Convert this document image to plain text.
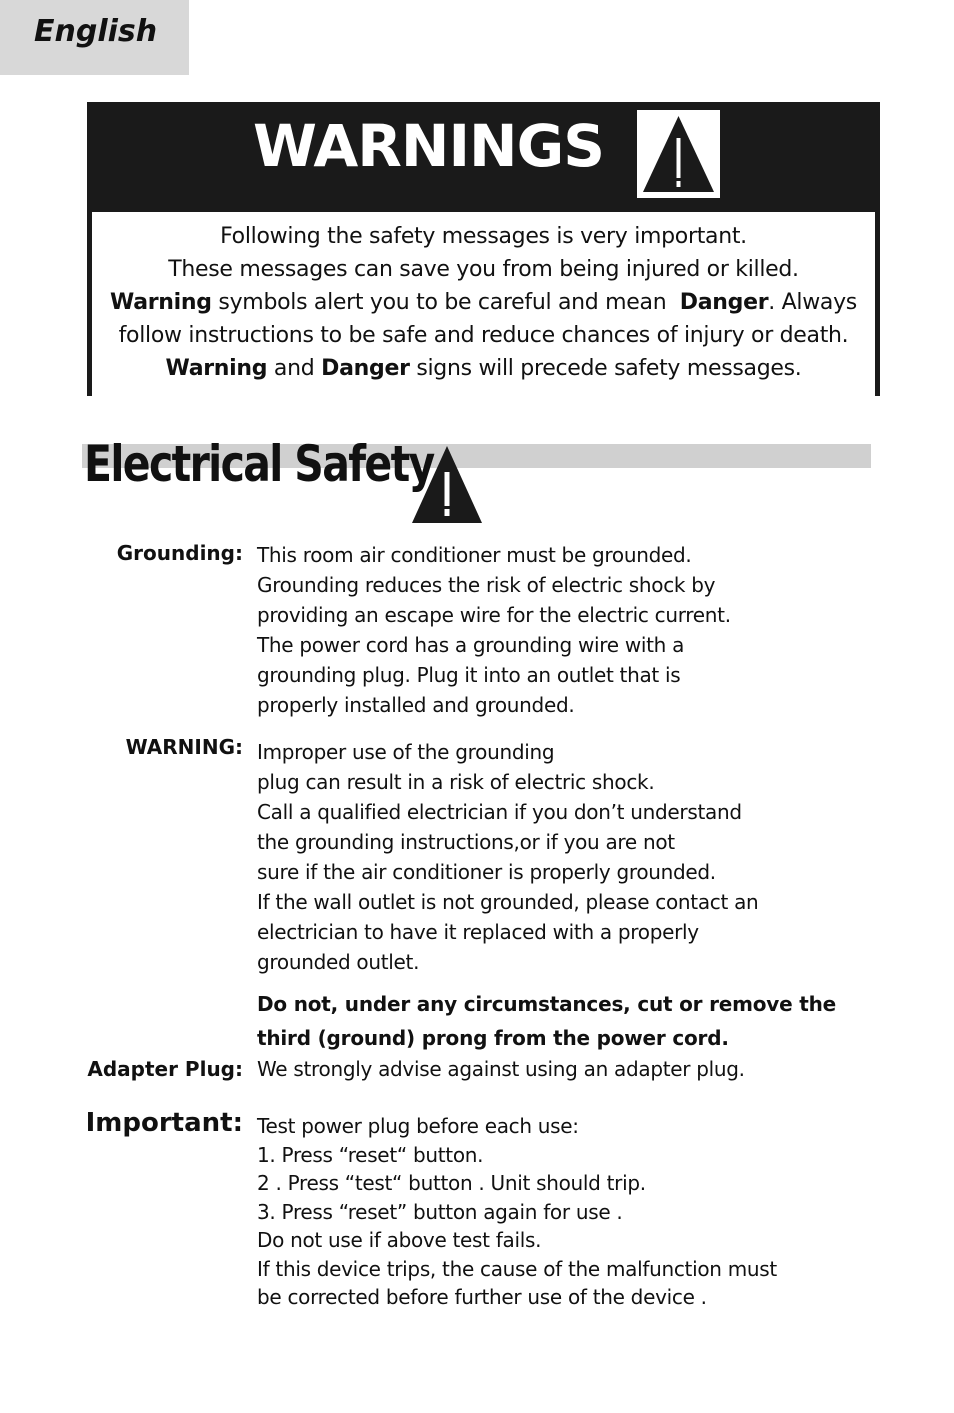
English
WARNINGS

Following the safety messages is very important.

These messages can save you from being injured or killed.

Warning symbols alert you to be careful and mean  Danger. Always

follow instructions to be safe and reduce chances of injury or death.

Warning and Danger signs will precede safety messages.

Electrical Safety
Grounding: This room air conditioner must be grounded.
Grounding reduces the risk of electric shock by
providing an escape wire for the electric current.
The power cord has a grounding wire with a
grounding plug. Plug it into an outlet that is
properly installed and grounded.
WARNING: Improper use of the grounding
plug can result in a risk of electric shock.
Call a qualified electrician if you don’t understand
the grounding instructions,or if you are not
sure if the air conditioner is properly grounded.
If the wall outlet is not grounded, please contact an
electrician to have it replaced with a properly
grounded outlet.
Do not, under any circumstances, cut or remove the
third (ground) prong from the power cord.
Adapter Plug: We strongly advise against using an adapter plug.
Important: Test power plug before each use:
1. Press “reset“ button.
2 . Press “test“ button . Unit should trip.
3. Press “reset” button again for use .
Do not use if above test fails.
If this device trips, the cause of the malfunction must
be corrected before further use of the device .
